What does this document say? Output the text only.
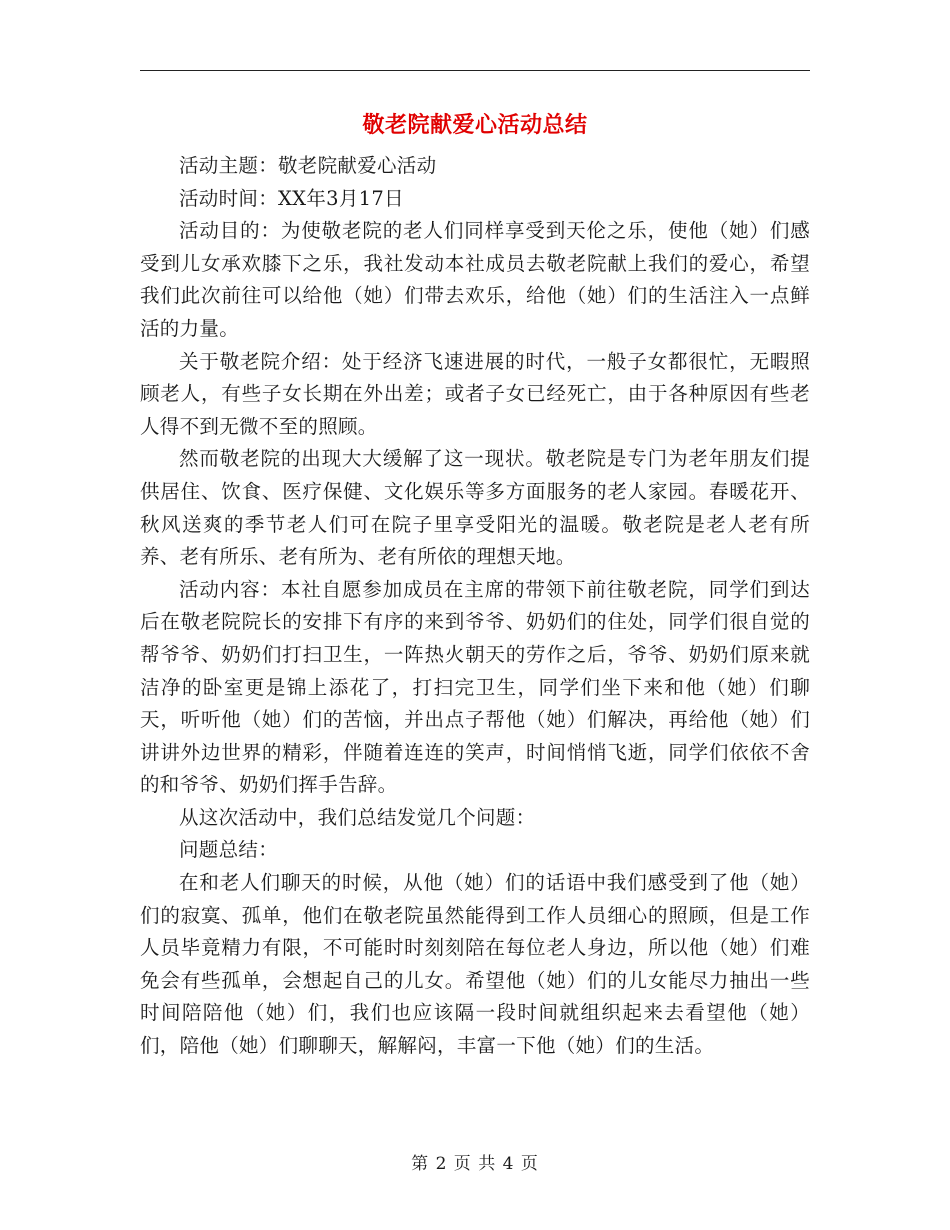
敬老院献爱心活动总结

活动主题：敬老院献爱心活动

活动时间：XX年3月17日

活动目的：为使敬老院的老人们同样享受到天伦之乐，使他（她）们感受到儿女承欢膝下之乐，我社发动本社成员去敬老院献上我们的爱心，希望我们此次前往可以给他（她）们带去欢乐，给他（她）们的生活注入一点鲜活的力量。

关于敬老院介绍：处于经济飞速进展的时代，一般子女都很忙，无暇照顾老人，有些子女长期在外出差；或者子女已经死亡，由于各种原因有些老人得不到无微不至的照顾。

然而敬老院的出现大大缓解了这一现状。敬老院是专门为老年朋友们提供居住、饮食、医疗保健、文化娱乐等多方面服务的老人家园。春暖花开、秋风送爽的季节老人们可在院子里享受阳光的温暖。敬老院是老人老有所养、老有所乐、老有所为、老有所依的理想天地。

活动内容：本社自愿参加成员在主席的带领下前往敬老院，同学们到达后在敬老院院长的安排下有序的来到爷爷、奶奶们的住处，同学们很自觉的帮爷爷、奶奶们打扫卫生，一阵热火朝天的劳作之后，爷爷、奶奶们原来就洁净的卧室更是锦上添花了，打扫完卫生，同学们坐下来和他（她）们聊天，听听他（她）们的苦恼，并出点子帮他（她）们解决，再给他（她）们讲讲外边世界的精彩，伴随着连连的笑声，时间悄悄飞逝，同学们依依不舍的和爷爷、奶奶们挥手告辞。

从这次活动中，我们总结发觉几个问题：

问题总结：

在和老人们聊天的时候，从他（她）们的话语中我们感受到了他（她）们的寂寞、孤单，他们在敬老院虽然能得到工作人员细心的照顾，但是工作人员毕竟精力有限，不可能时时刻刻陪在每位老人身边，所以他（她）们难免会有些孤单，会想起自己的儿女。希望他（她）们的儿女能尽力抽出一些时间陪陪他（她）们，我们也应该隔一段时间就组织起来去看望他（她）们，陪他（她）们聊聊天，解解闷，丰富一下他（她）们的生活。

第 2 页 共 4 页
